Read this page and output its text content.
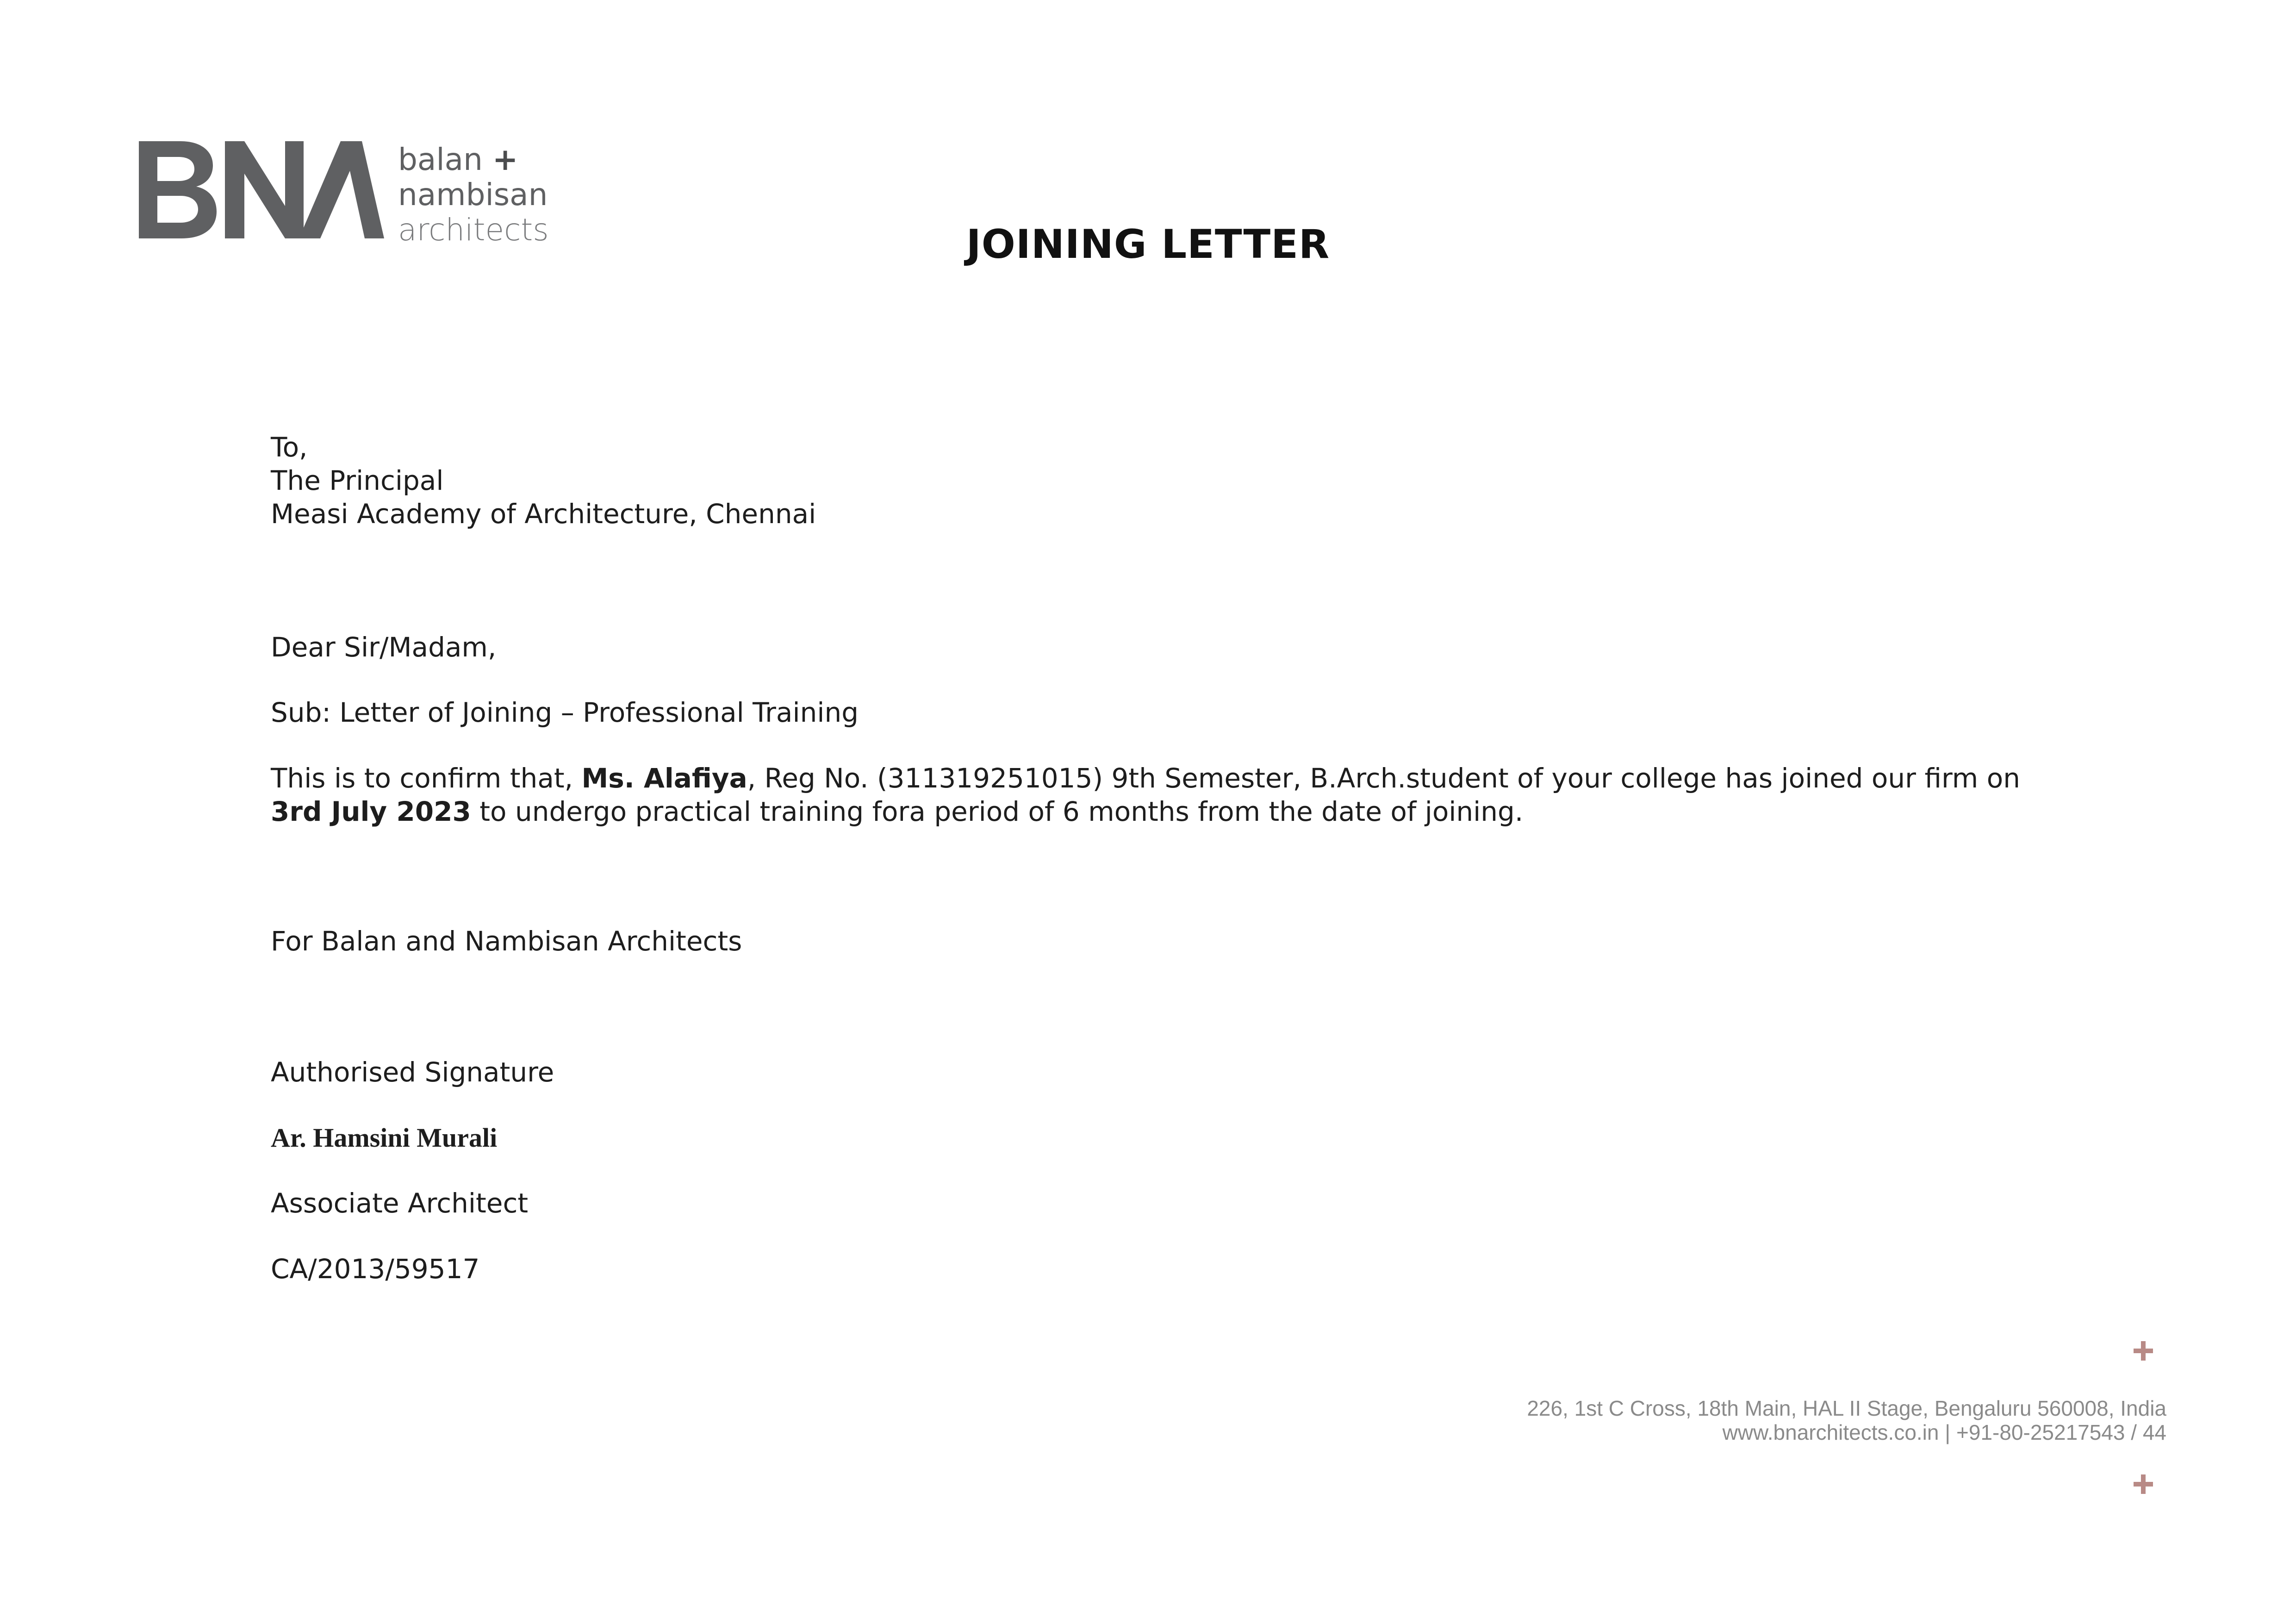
balan +
nambisan
architects	JOINING LETTER
To,
The Principal
Measi Academy of Architecture, Chennai
Dear Sir/Madam,
Sub: Letter of Joining – Professional Training
This is to confirm that, Ms. Alafiya, Reg No. (311319251015) 9th Semester, B.Arch.student of your college has joined our firm on 3rd July 2023 to undergo practical training fora period of 6 months from the date of joining.
For Balan and Nambisan Architects
Authorised Signature
Ar. Hamsini Murali
Associate Architect
CA/2013/59517
226, 1st C Cross, 18th Main, HAL II Stage, Bengaluru 560008, India
www.bnarchitects.co.in | +91-80-25217543 / 44
